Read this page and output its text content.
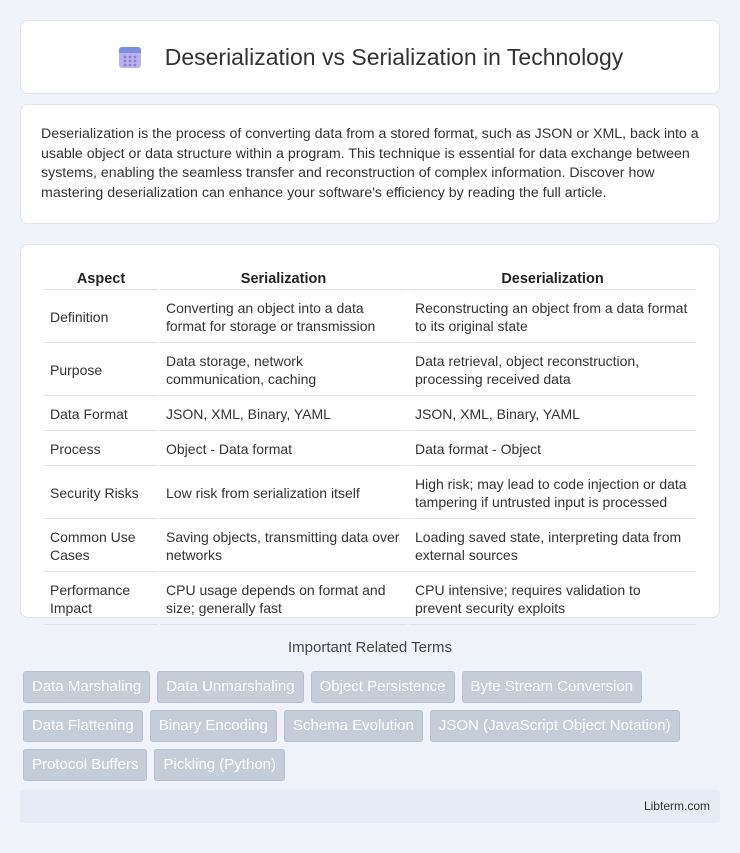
Deserialization vs Serialization in Technology

Deserialization is the process of converting data from a stored format, such as JSON or XML, back into a usable object or data structure within a program. This technique is essential for data exchange between systems, enabling the seamless transfer and reconstruction of complex information. Discover how mastering deserialization can enhance your software's efficiency by reading the full article.

Aspect	Serialization	Deserialization
Definition	Converting an object into a data format for storage or transmission	Reconstructing an object from a data format to its original state
Purpose	Data storage, network communication, caching	Data retrieval, object reconstruction, processing received data
Data Format	JSON, XML, Binary, YAML	JSON, XML, Binary, YAML
Process	Object - Data format	Data format - Object
Security Risks	Low risk from serialization itself	High risk; may lead to code injection or data tampering if untrusted input is processed
Common Use Cases	Saving objects, transmitting data over networks	Loading saved state, interpreting data from external sources
Performance Impact	CPU usage depends on format and size; generally fast	CPU intensive; requires validation to prevent security exploits
Important Related Terms
Data Marshaling	Data Unmarshaling	Object Persistence	Byte Stream Conversion
Data Flattening	Binary Encoding	Schema Evolution	JSON (JavaScript Object Notation)
Protocol Buffers	Pickling (Python)
Libterm.com
